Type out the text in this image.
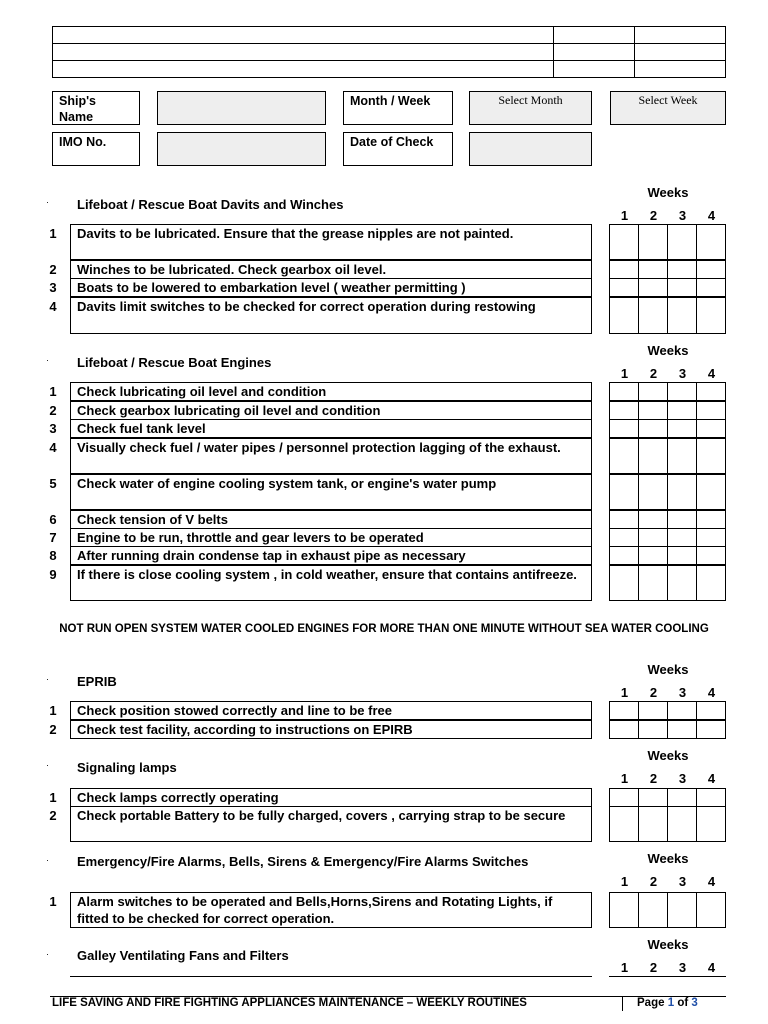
Ship's Name
Month / Week	Select Month	Select Week
IMO No.	Date of Check
· Lifeboat / Rescue Boat Davits and Winches
Weeks
1 2 3 4
1	Davits to be lubricated. Ensure that the grease nipples are not painted.
2	Winches to be lubricated. Check gearbox oil level.
3	Boats to be lowered to embarkation level ( weather permitting )
4	Davits limit switches to be checked for correct operation during restowing
· Lifeboat / Rescue Boat Engines
Weeks
1 2 3 4
1	Check lubricating oil level and condition
2	Check gearbox lubricating oil level and condition
3	Check fuel tank level
4	Visually check fuel / water pipes / personnel protection lagging of the exhaust.
5	Check water of engine cooling system tank, or engine's water pump
6	Check tension of V belts
7	Engine to be run, throttle and gear levers to be operated
8	After running drain condense tap in exhaust pipe as necessary
9	If there is close cooling system , in cold weather, ensure that contains antifreeze.
NOT RUN OPEN SYSTEM WATER COOLED ENGINES FOR MORE THAN ONE MINUTE WITHOUT SEA WATER COOLING
· EPRIB
Weeks
1 2 3 4
1	Check position stowed correctly and line to be free
2	Check test facility, according to instructions on EPIRB
· Signaling lamps
Weeks
1 2 3 4
1	Check lamps correctly operating
2	Check portable Battery to be fully charged, covers , carrying strap to be secure
· Emergency/Fire Alarms, Bells, Sirens & Emergency/Fire Alarms Switches	Weeks
1 2 3 4
1	Alarm switches to be operated and Bells,Horns,Sirens and Rotating Lights, if fitted to be checked for correct operation.
· Galley Ventilating Fans and Filters
Weeks
1 2 3 4
LIFE SAVING AND FIRE FIGHTING APPLIANCES MAINTENANCE – WEEKLY ROUTINES	Page 1 of 3
